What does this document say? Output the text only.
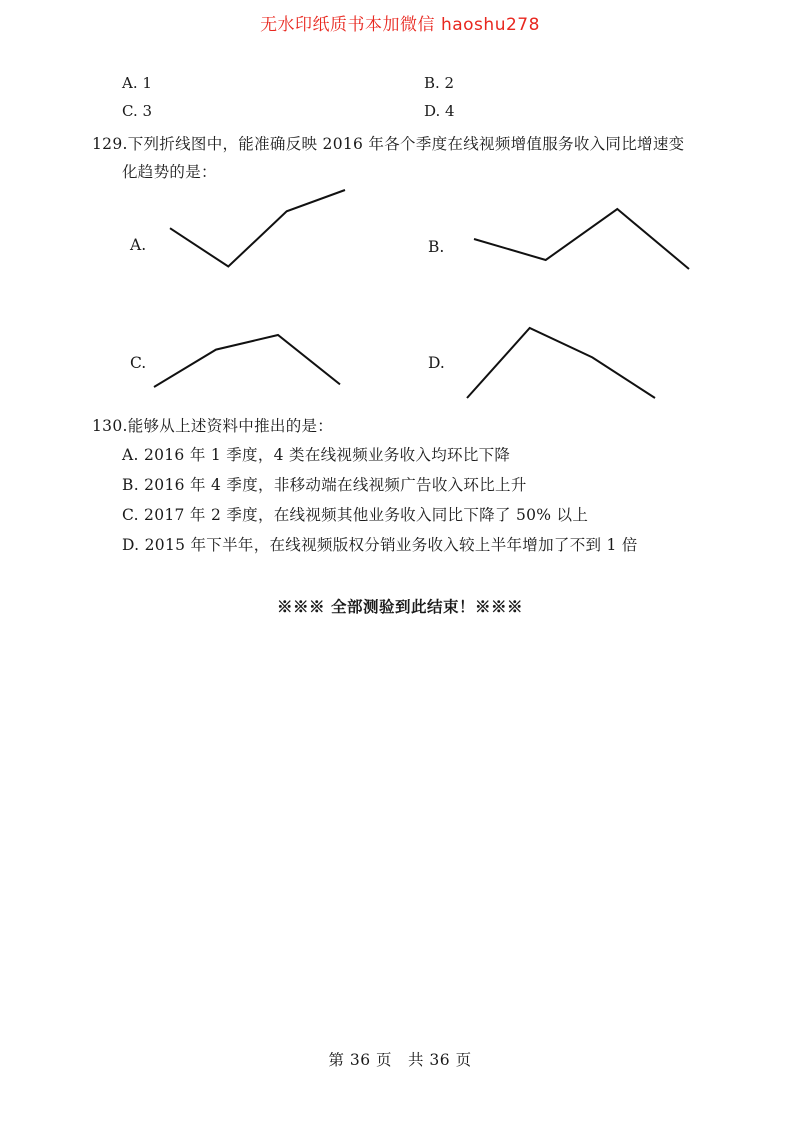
无水印纸质书本加微信 haoshu278
A. 1	B. 2
C. 3	D. 4
129.下列折线图中，能准确反映 2016 年各个季度在线视频增值服务收入同比增速变
化趋势的是：
A.	B.
C.	D.
130.能够从上述资料中推出的是：
A. 2016 年 1 季度，4 类在线视频业务收入均环比下降
B. 2016 年 4 季度，非移动端在线视频广告收入环比上升
C. 2017 年 2 季度，在线视频其他业务收入同比下降了 50% 以上
D. 2015 年下半年，在线视频版权分销业务收入较上半年增加了不到 1 倍
※※※ 全部测验到此结束！※※※
第 36 页　共 36 页
